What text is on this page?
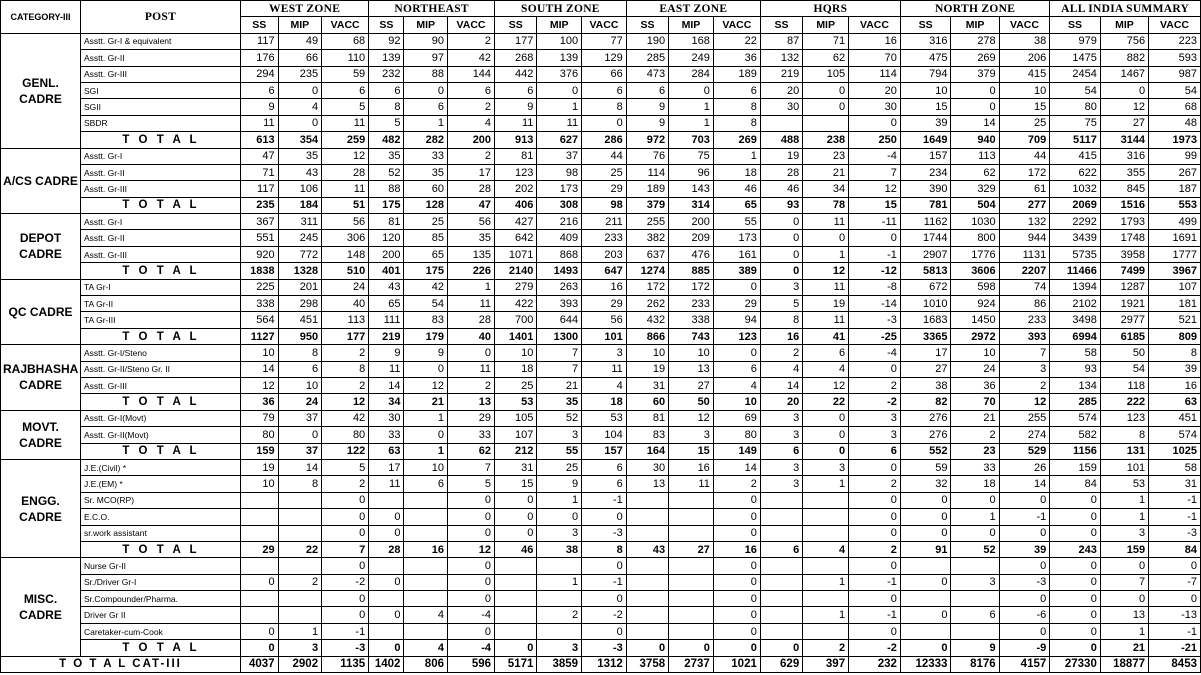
CATEGORY-III	POST	WEST ZONE			NORTHEAST			SOUTH ZONE			EAST ZONE			HQRS			NORTH ZONE			ALL INDIA SUMMARY		
		SS	MIP	VACC	SS	MIP	VACC	SS	MIP	VACC	SS	MIP	VACC	SS	MIP	VACC	SS	MIP	VACC	SS	MIP	VACC
GENL. CADRE	Asstt. Gr-I & equivalent	117	49	68	92	90	2	177	100	77	190	168	22	87	71	16	316	278	38	979	756	223
	Asstt. Gr-II	176	66	110	139	97	42	268	139	129	285	249	36	132	62	70	475	269	206	1475	882	593
	Asstt. Gr-III	294	235	59	232	88	144	442	376	66	473	284	189	219	105	114	794	379	415	2454	1467	987
	SGI	6	0	6	6	0	6	6	0	6	6	0	6	20	0	20	10	0	10	54	0	54
	SGII	9	4	5	8	6	2	9	1	8	9	1	8	30	0	30	15	0	15	80	12	68
	SBDR	11	0	11	5	1	4	11	11	0	9	1	8			0	39	14	25	75	27	48
	T O T A L	613	354	259	482	282	200	913	627	286	972	703	269	488	238	250	1649	940	709	5117	3144	1973
A/CS CADRE	Asstt. Gr-I	47	35	12	35	33	2	81	37	44	76	75	1	19	23	-4	157	113	44	415	316	99
	Asstt. Gr-II	71	43	28	52	35	17	123	98	25	114	96	18	28	21	7	234	62	172	622	355	267
	Asstt. Gr-III	117	106	11	88	60	28	202	173	29	189	143	46	46	34	12	390	329	61	1032	845	187
	T O T A L	235	184	51	175	128	47	406	308	98	379	314	65	93	78	15	781	504	277	2069	1516	553
DEPOT CADRE	Asstt. Gr-I	367	311	56	81	25	56	427	216	211	255	200	55	0	11	-11	1162	1030	132	2292	1793	499
	Asstt. Gr-II	551	245	306	120	85	35	642	409	233	382	209	173	0	0	0	1744	800	944	3439	1748	1691
	Asstt. Gr-III	920	772	148	200	65	135	1071	868	203	637	476	161	0	1	-1	2907	1776	1131	5735	3958	1777
	T O T A L	1838	1328	510	401	175	226	2140	1493	647	1274	885	389	0	12	-12	5813	3606	2207	11466	7499	3967
QC CADRE	TA Gr-I	225	201	24	43	42	1	279	263	16	172	172	0	3	11	-8	672	598	74	1394	1287	107
	TA Gr-II	338	298	40	65	54	11	422	393	29	262	233	29	5	19	-14	1010	924	86	2102	1921	181
	TA Gr-III	564	451	113	111	83	28	700	644	56	432	338	94	8	11	-3	1683	1450	233	3498	2977	521
	T O T A L	1127	950	177	219	179	40	1401	1300	101	866	743	123	16	41	-25	3365	2972	393	6994	6185	809
RAJBHASHA CADRE	Asstt. Gr-I/Steno	10	8	2	9	9	0	10	7	3	10	10	0	2	6	-4	17	10	7	58	50	8
	Asstt. Gr-II/Steno Gr. II	14	6	8	11	0	11	18	7	11	19	13	6	4	4	0	27	24	3	93	54	39
	Asstt. Gr-III	12	10	2	14	12	2	25	21	4	31	27	4	14	12	2	38	36	2	134	118	16
	T O T A L	36	24	12	34	21	13	53	35	18	60	50	10	20	22	-2	82	70	12	285	222	63
MOVT. CADRE	Asstt. Gr-I(Movt)	79	37	42	30	1	29	105	52	53	81	12	69	3	0	3	276	21	255	574	123	451
	Asstt. Gr-II(Movt)	80	0	80	33	0	33	107	3	104	83	3	80	3	0	3	276	2	274	582	8	574
	T O T A L	159	37	122	63	1	62	212	55	157	164	15	149	6	0	6	552	23	529	1156	131	1025
ENGG. CADRE	J.E.(Civil) *	19	14	5	17	10	7	31	25	6	30	16	14	3	3	0	59	33	26	159	101	58
	J.E.(EM) *	10	8	2	11	6	5	15	9	6	13	11	2	3	1	2	32	18	14	84	53	31
	Sr. MCO(RP)			0			0	0	1	-1			0			0	0	0	0	0	1	-1
	E.C.O.			0	0		0	0	0	0			0			0	0	1	-1	0	1	-1
	sr.work assistant			0	0		0	0	3	-3			0			0	0	0	0	0	3	-3
	T O T A L	29	22	7	28	16	12	46	38	8	43	27	16	6	4	2	91	52	39	243	159	84
MISC. CADRE	Nurse Gr-II			0			0			0			0			0			0	0	0	0
	Sr./Driver Gr-I	0	2	-2	0		0		1	-1			0		1	-1	0	3	-3	0	7	-7
	Sr.Compounder/Pharma.			0			0			0			0			0			0	0	0	0
	Driver Gr II			0	0	4	-4		2	-2			0		1	-1	0	6	-6	0	13	-13
	Caretaker-cum-Cook	0	1	-1			0			0			0			0			0	0	1	-1
	T O T A L	0	3	-3	0	4	-4	0	3	-3	0	0	0	0	2	-2	0	9	-9	0	21	-21
T O T A L CAT-III		4037	2902	1135	1402	806	596	5171	3859	1312	3758	2737	1021	629	397	232	12333	8176	4157	27330	18877	8453
